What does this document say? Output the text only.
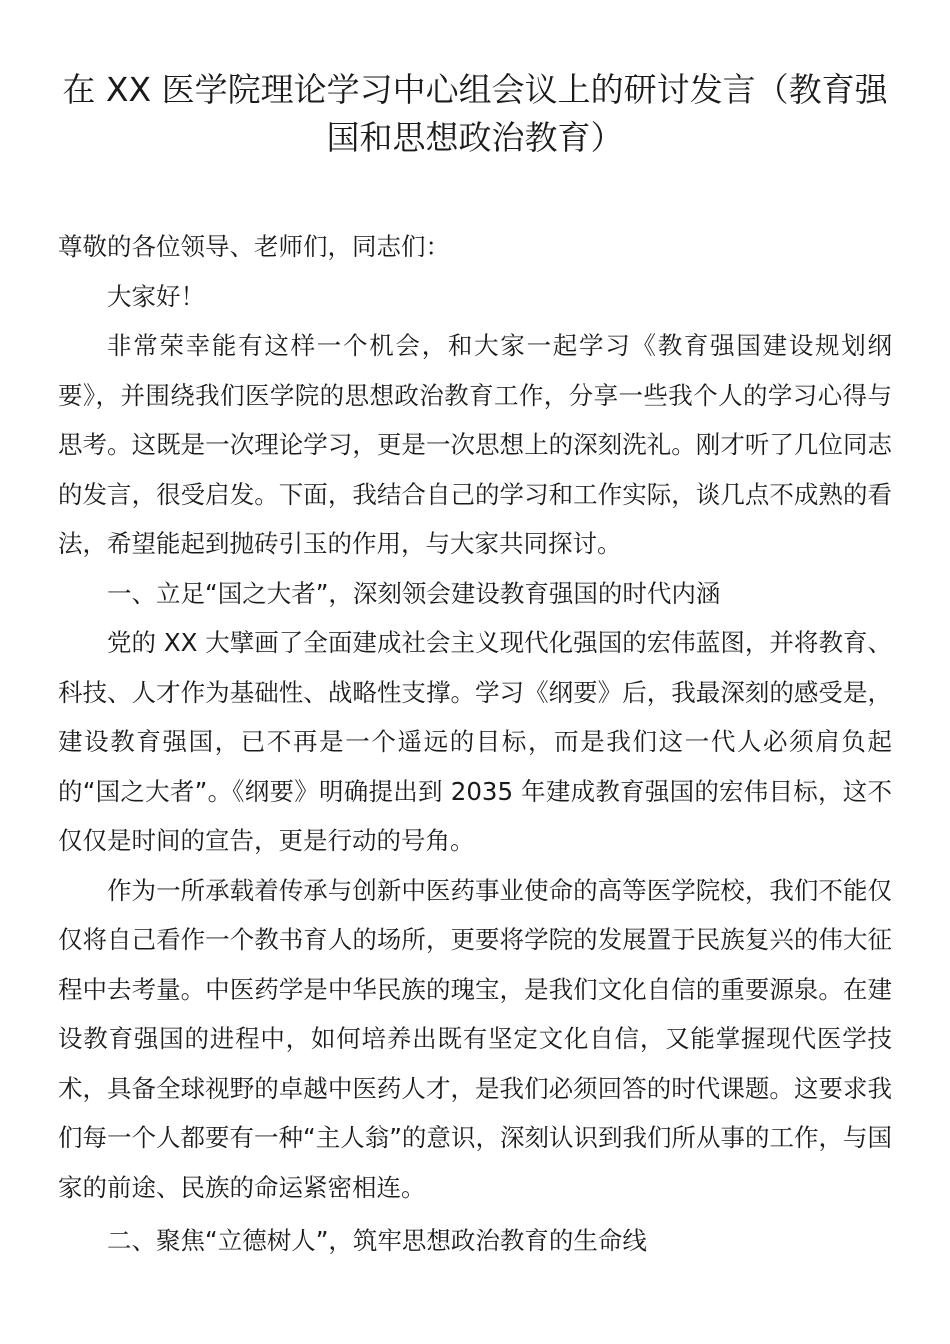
在 XX 医学院理论学习中心组会议上的研讨发言（教育强国和思想政治教育）

尊敬的各位领导、老师们，同志们：

大家好！

非常荣幸能有这样一个机会，和大家一起学习《教育强国建设规划纲要》，并围绕我们医学院的思想政治教育工作，分享一些我个人的学习心得与思考。这既是一次理论学习，更是一次思想上的深刻洗礼。刚才听了几位同志的发言，很受启发。下面，我结合自己的学习和工作实际，谈几点不成熟的看法，希望能起到抛砖引玉的作用，与大家共同探讨。

一、立足“国之大者”，深刻领会建设教育强国的时代内涵

党的 XX 大擘画了全面建成社会主义现代化强国的宏伟蓝图，并将教育、科技、人才作为基础性、战略性支撑。学习《纲要》后，我最深刻的感受是，建设教育强国，已不再是一个遥远的目标，而是我们这一代人必须肩负起的“国之大者”。《纲要》明确提出到 2035 年建成教育强国的宏伟目标，这不仅仅是时间的宣告，更是行动的号角。

作为一所承载着传承与创新中医药事业使命的高等医学院校，我们不能仅仅将自己看作一个教书育人的场所，更要将学院的发展置于民族复兴的伟大征程中去考量。中医药学是中华民族的瑰宝，是我们文化自信的重要源泉。在建设教育强国的进程中，如何培养出既有坚定文化自信，又能掌握现代医学技术，具备全球视野的卓越中医药人才，是我们必须回答的时代课题。这要求我们每一个人都要有一种“主人翁”的意识，深刻认识到我们所从事的工作，与国家的前途、民族的命运紧密相连。

二、聚焦“立德树人”，筑牢思想政治教育的生命线
